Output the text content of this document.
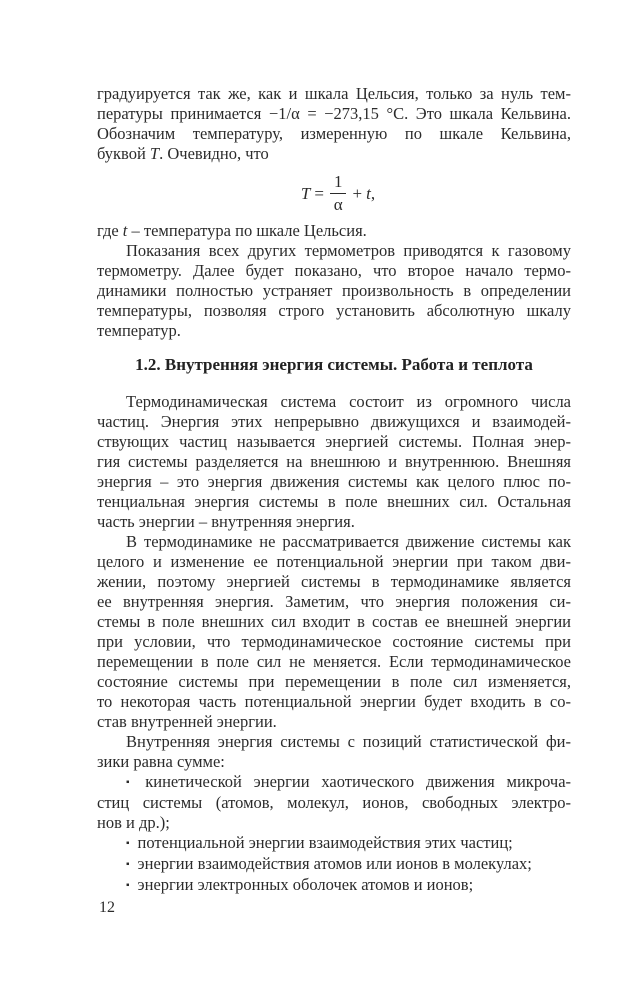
градуируется так же, как и шкала Цельсия, только за нуль тем-
пературы принимается −1/α = −273,15 °С. Это шкала Кельвина.
Обозначим температуру, измеренную по шкале Кельвина,
буквой Т. Очевидно, что

$T = \frac{1}{\alpha} + t$ ,

где t – температура по шкале Цельсия.

Показания всех других термометров приводятся к газовому
термометру. Далее будет показано, что второе начало термо-
динамики полностью устраняет произвольность в определении
температуры, позволяя строго установить абсолютную шкалу
температур.

1.2. Внутренняя энергия системы. Работа и теплота

Термодинамическая система состоит из огромного числа
частиц. Энергия этих непрерывно движущихся и взаимодей-
ствующих частиц называется энергией системы. Полная энер-
гия системы разделяется на внешнюю и внутреннюю. Внешняя
энергия – это энергия движения системы как целого плюс по-
тенциальная энергия системы в поле внешних сил. Остальная
часть энергии – внутренняя энергия.

В термодинамике не рассматривается движение системы как
целого и изменение ее потенциальной энергии при таком дви-
жении, поэтому энергией системы в термодинамике является
ее внутренняя энергия. Заметим, что энергия положения си-
стемы в поле внешних сил входит в состав ее внешней энергии
при условии, что термодинамическое состояние системы при
перемещении в поле сил не меняется. Если термодинамическое
состояние системы при перемещении в поле сил изменяется,
то некоторая часть потенциальной энергии будет входить в со-
став внутренней энергии.

Внутренняя энергия системы с позиций статистической фи-
зики равна сумме:

▪ кинетической энергии хаотического движения микроча-
стиц системы (атомов, молекул, ионов, свободных электро-
нов и др.);

▪ потенциальной энергии взаимодействия этих частиц;

▪ энергии взаимодействия атомов или ионов в молекулах;

▪ энергии электронных оболочек атомов и ионов;

12
